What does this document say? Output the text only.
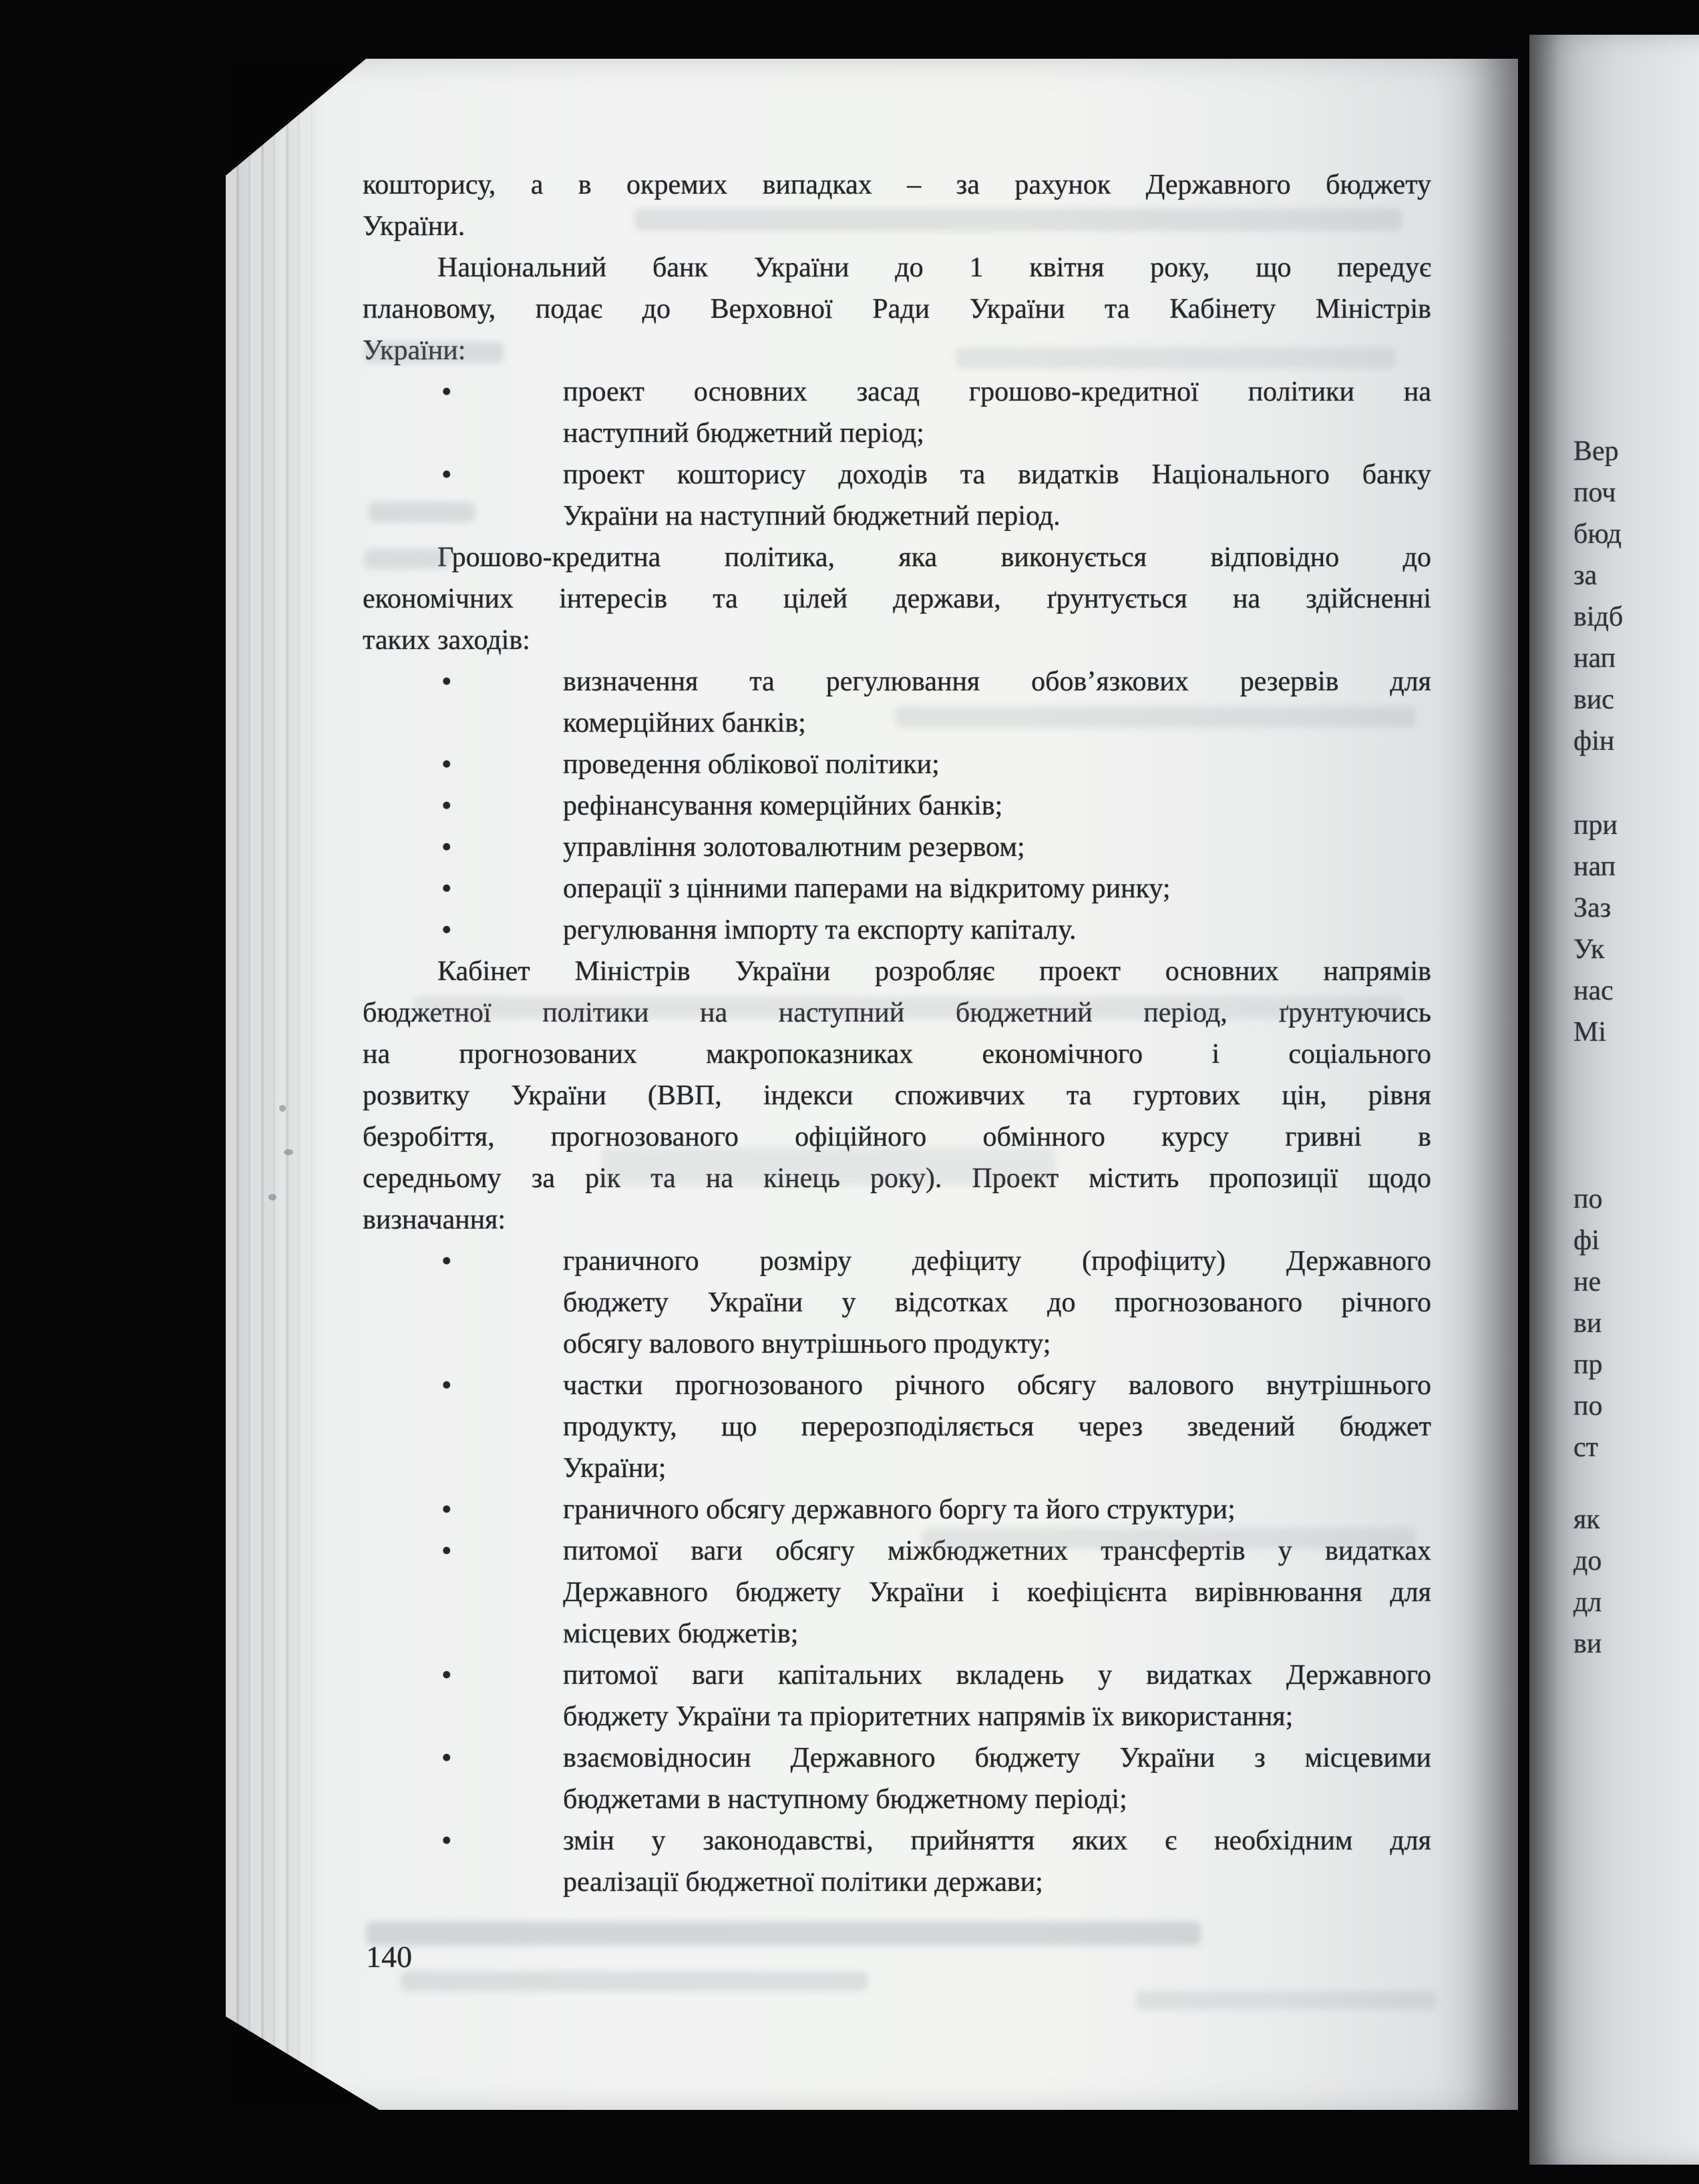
кошторису, а в окремих випадках – за рахунок Державного бюджету
України.
Національний банк України до 1 квітня року, що передує
плановому, подає до Верховної Ради України та Кабінету Міністрів
України:
•	проект основних засад грошово-кредитної політики на
наступний бюджетний період;
•	проект кошторису доходів та видатків Національного банку
України на наступний бюджетний період.
Грошово-кредитна політика, яка виконується відповідно до
економічних інтересів та цілей держави, ґрунтується на здійсненні
таких заходів:
•	визначення та регулювання обов’язкових резервів для
комерційних банків;
•	проведення облікової політики;
•	рефінансування комерційних банків;
•	управління золотовалютним резервом;
•	операції з цінними паперами на відкритому ринку;
•	регулювання імпорту та експорту капіталу.
Кабінет Міністрів України розробляє проект основних напрямів
бюджетної політики на наступний бюджетний період, ґрунтуючись
на прогнозованих макропоказниках економічного і соціального
розвитку України (ВВП, індекси споживчих та гуртових цін, рівня
безробіття, прогнозованого офіційного обмінного курсу гривні в
середньому за рік та на кінець року). Проект містить пропозиції щодо
визначання:
•	граничного розміру дефіциту (профіциту) Державного
бюджету України у відсотках до прогнозованого річного
обсягу валового внутрішнього продукту;
•	частки прогнозованого річного обсягу валового внутрішнього
продукту, що перерозподіляється через зведений бюджет
України;
•	граничного обсягу державного боргу та його структури;
•	питомої ваги обсягу міжбюджетних трансфертів у видатках
Державного бюджету України і коефіцієнта вирівнювання для
місцевих бюджетів;
•	питомої ваги капітальних вкладень у видатках Державного
бюджету України та пріоритетних напрямів їх використання;
•	взаємовідносин Державного бюджету України з місцевими
бюджетами в наступному бюджетному періоді;
•	змін у законодавстві, прийняття яких є необхідним для
реалізації бюджетної політики держави;
140
Вер
поч
бюд
за
відб
нап
вис
фін
при
нап
Заз
Ук
нас
Мі
по
фі
не
ви
пр
по
ст
як
до
дл
ви
